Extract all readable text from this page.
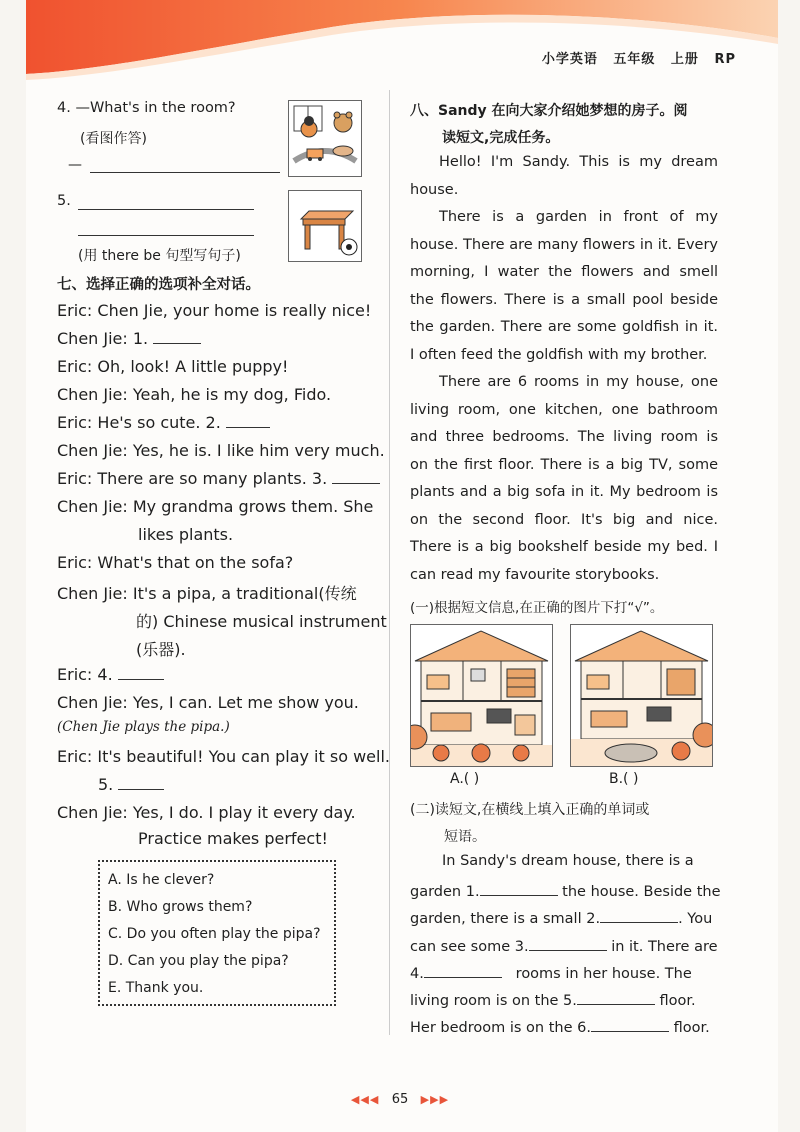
小学英语 五年级 上册 RP
4. —What's in the room?
(看图作答)
—
5.
(用 there be 句型写句子)
七、选择正确的选项补全对话。
Eric: Chen Jie, your home is really nice!
Chen Jie: 1.
Eric: Oh, look! A little puppy!
Chen Jie: Yeah, he is my dog, Fido.
Eric: He's so cute. 2.
Chen Jie: Yes, he is. I like him very much.
Eric: There are so many plants. 3.
Chen Jie: My grandma grows them. She
likes plants.
Eric: What's that on the sofa?
Chen Jie: It's a pipa, a traditional(传统
的) Chinese musical instrument
(乐器).
Eric: 4.
Chen Jie: Yes, I can. Let me show you.
(Chen Jie plays the pipa.)
Eric: It's beautiful! You can play it so well.
5.
Chen Jie: Yes, I do. I play it every day.
Practice makes perfect!
A. Is he clever?
B. Who grows them?
C. Do you often play the pipa?
D. Can you play the pipa?
E. Thank you.
八、Sandy 在向大家介绍她梦想的房子。阅
读短文,完成任务。
Hello! I'm Sandy. This is my dream house.
There is a garden in front of my house. There are many flowers in it. Every morning, I water the flowers and smell the flowers. There is a small pool beside the garden. There are some goldfish in it. I often feed the goldfish with my brother.
There are 6 rooms in my house, one living room, one kitchen, one bathroom and three bedrooms. The living room is on the first floor. There is a big TV, some plants and a big sofa in it. My bedroom is on the second floor. It's big and nice. There is a big bookshelf beside my bed. I can read my favourite storybooks.
(一)根据短文信息,在正确的图片下打“√”。
A.( )	B.( )
(二)读短文,在横线上填入正确的单词或
短语。
In Sandy's dream house, there is a
garden 1.	the house. Beside the
garden, there is a small 2.	. You
can see some 3.	in it. There are
4.	rooms in her house. The
living room is on the 5.	floor.
Her bedroom is on the 6.	floor.
◀◀◀ 65 ▶▶▶
